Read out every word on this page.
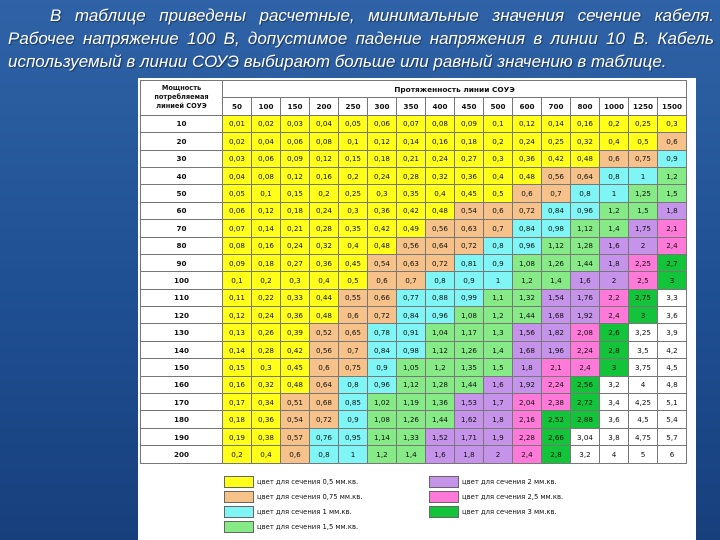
В таблице приведены расчетные, минимальные значения сечение кабеля. Рабочее напряжение 100 В, допустимое падение напряжения в линии 10 В. Кабель используемый в линии СОУЭ выбирают больше или равный значению в таблице.
Мощность потребляемая линией СОУЭ	Протяженность линии СОУЭ															
	50	100	150	200	250	300	350	400	450	500	600	700	800	1000	1250	1500
10	0,01	0,02	0,03	0,04	0,05	0,06	0,07	0,08	0,09	0,1	0,12	0,14	0,16	0,2	0,25	0,3
20	0,02	0,04	0,06	0,08	0,1	0,12	0,14	0,16	0,18	0,2	0,24	0,25	0,32	0,4	0,5	0,6
30	0,03	0,06	0,09	0,12	0,15	0,18	0,21	0,24	0,27	0,3	0,36	0,42	0,48	0,6	0,75	0,9
40	0,04	0,08	0,12	0,16	0,2	0,24	0,28	0,32	0,36	0,4	0,48	0,56	0,64	0,8	1	1,2
50	0,05	0,1	0,15	0,2	0,25	0,3	0,35	0,4	0,45	0,5	0,6	0,7	0,8	1	1,25	1,5
60	0,06	0,12	0,18	0,24	0,3	0,36	0,42	0,48	0,54	0,6	0,72	0,84	0,96	1,2	1,5	1,8
70	0,07	0,14	0,21	0,28	0,35	0,42	0,49	0,56	0,63	0,7	0,84	0,98	1,12	1,4	1,75	2,1
80	0,08	0,16	0,24	0,32	0,4	0,48	0,56	0,64	0,72	0,8	0,96	1,12	1,28	1,6	2	2,4
90	0,09	0,18	0,27	0,36	0,45	0,54	0,63	0,72	0,81	0,9	1,08	1,26	1,44	1,8	2,25	2,7
100	0,1	0,2	0,3	0,4	0,5	0,6	0,7	0,8	0,9	1	1,2	1,4	1,6	2	2,5	3
110	0,11	0,22	0,33	0,44	0,55	0,66	0,77	0,88	0,99	1,1	1,32	1,54	1,76	2,2	2,75	3,3
120	0,12	0,24	0,36	0,48	0,6	0,72	0,84	0,96	1,08	1,2	1,44	1,68	1,92	2,4	3	3,6
130	0,13	0,26	0,39	0,52	0,65	0,78	0,91	1,04	1,17	1,3	1,56	1,82	2,08	2,6	3,25	3,9
140	0,14	0,28	0,42	0,56	0,7	0,84	0,98	1,12	1,26	1,4	1,68	1,96	2,24	2,8	3,5	4,2
150	0,15	0,3	0,45	0,6	0,75	0,9	1,05	1,2	1,35	1,5	1,8	2,1	2,4	3	3,75	4,5
160	0,16	0,32	0,48	0,64	0,8	0,96	1,12	1,28	1,44	1,6	1,92	2,24	2,56	3,2	4	4,8
170	0,17	0,34	0,51	0,68	0,85	1,02	1,19	1,36	1,53	1,7	2,04	2,38	2,72	3,4	4,25	5,1
180	0,18	0,36	0,54	0,72	0,9	1,08	1,26	1,44	1,62	1,8	2,16	2,52	2,88	3,6	4,5	5,4
190	0,19	0,38	0,57	0,76	0,95	1,14	1,33	1,52	1,71	1,9	2,28	2,66	3,04	3,8	4,75	5,7
200	0,2	0,4	0,6	0,8	1	1,2	1,4	1,6	1,8	2	2,4	2,8	3,2	4	5	6
цвет для сечения 0,5 мм.кв.
цвет для сечения 0,75 мм.кв.
цвет для сечения 1 мм.кв.
цвет для сечения 1,5 мм.кв.
цвет для сечения 2 мм.кв.
цвет для сечения 2,5 мм.кв.
цвет для сечения 3 мм.кв.
